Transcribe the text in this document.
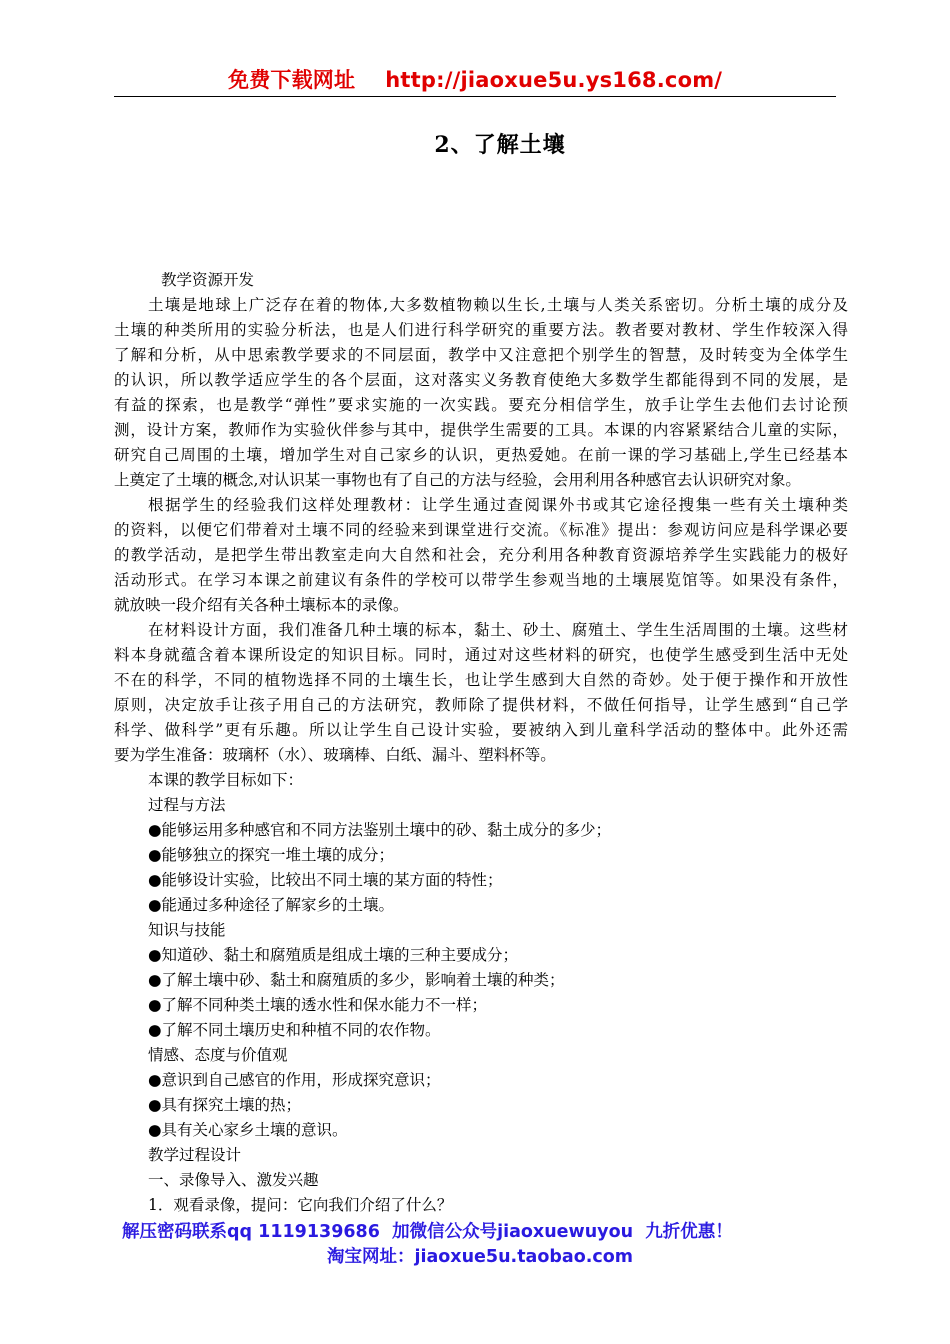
免费下载网址    http://jiaoxue5u.ys168.com/
2、了解土壤
教学资源开发
土壤是地球上广泛存在着的物体,大多数植物赖以生长,土壤与人类关系密切。分析土壤的成分及
土壤的种类所用的实验分析法，也是人们进行科学研究的重要方法。教者要对教材、学生作较深入得
了解和分析，从中思索教学要求的不同层面，教学中又注意把个别学生的智慧，及时转变为全体学生
的认识，所以教学适应学生的各个层面，这对落实义务教育使绝大多数学生都能得到不同的发展，是
有益的探索，也是教学“弹性”要求实施的一次实践。要充分相信学生，放手让学生去他们去讨论预
测，设计方案，教师作为实验伙伴参与其中，提供学生需要的工具。本课的内容紧紧结合儿童的实际，
研究自己周围的土壤，增加学生对自己家乡的认识，更热爱她。在前一课的学习基础上,学生已经基本
上奠定了土壤的概念,对认识某一事物也有了自己的方法与经验，会用利用各种感官去认识研究对象。
根据学生的经验我们这样处理教材：让学生通过查阅课外书或其它途径搜集一些有关土壤种类
的资料，以便它们带着对土壤不同的经验来到课堂进行交流。《标准》提出：参观访问应是科学课必要
的教学活动，是把学生带出教室走向大自然和社会，充分利用各种教育资源培养学生实践能力的极好
活动形式。在学习本课之前建议有条件的学校可以带学生参观当地的土壤展览馆等。如果没有条件，
就放映一段介绍有关各种土壤标本的录像。
在材料设计方面，我们准备几种土壤的标本，黏土、砂土、腐殖土、学生生活周围的土壤。这些材
料本身就蕴含着本课所设定的知识目标。同时，通过对这些材料的研究，也使学生感受到生活中无处
不在的科学，不同的植物选择不同的土壤生长，也让学生感到大自然的奇妙。处于便于操作和开放性
原则，决定放手让孩子用自己的方法研究，教师除了提供材料，不做任何指导，让学生感到“自己学
科学、做科学”更有乐趣。所以让学生自己设计实验，要被纳入到儿童科学活动的整体中。此外还需
要为学生准备：玻璃杯（水）、玻璃棒、白纸、漏斗、塑料杯等。
本课的教学目标如下：
过程与方法
●能够运用多种感官和不同方法鉴别土壤中的砂、黏土成分的多少；
●能够独立的探究一堆土壤的成分；
●能够设计实验，比较出不同土壤的某方面的特性；
●能通过多种途径了解家乡的土壤。
知识与技能
●知道砂、黏土和腐殖质是组成土壤的三种主要成分；
●了解土壤中砂、黏土和腐殖质的多少，影响着土壤的种类；
●了解不同种类土壤的透水性和保水能力不一样；
●了解不同土壤历史和种植不同的农作物。
情感、态度与价值观
●意识到自己感官的作用，形成探究意识；
●具有探究土壤的热；
●具有关心家乡土壤的意识。
教学过程设计
一、录像导入、激发兴趣
1．观看录像，提问：它向我们介绍了什么？
解压密码联系qq 1119139686  加微信公众号jiaoxuewuyou  九折优惠！
淘宝网址：jiaoxue5u.taobao.com
